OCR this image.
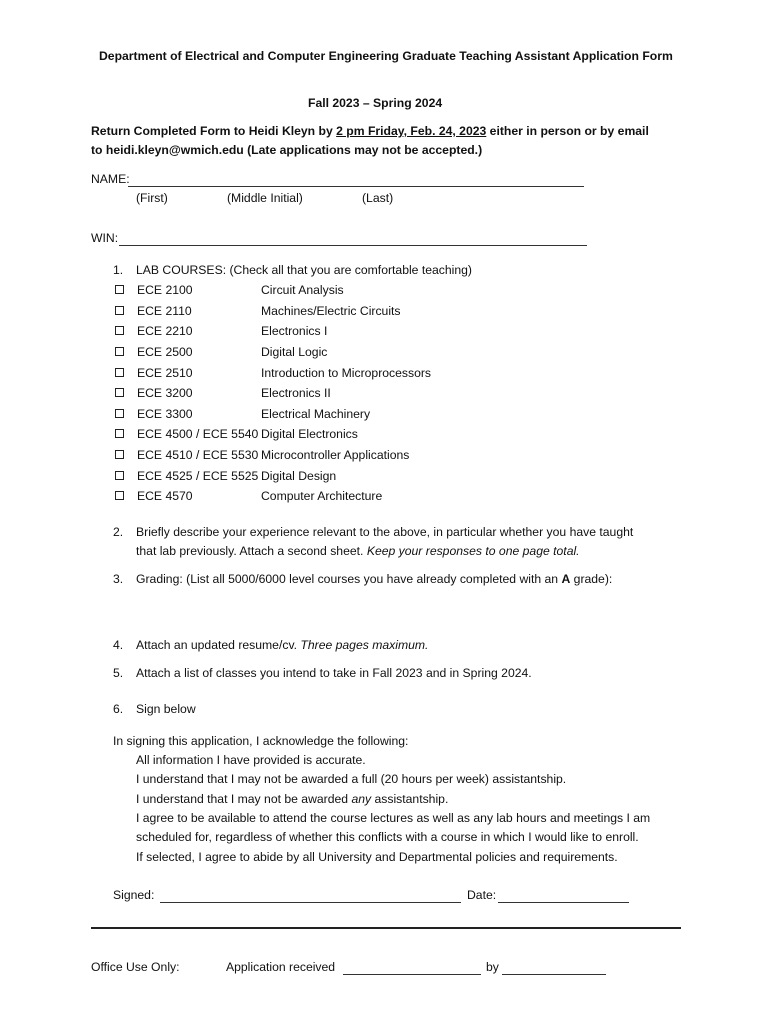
Department of Electrical and Computer Engineering Graduate Teaching Assistant Application Form
Fall 2023 – Spring 2024
Return Completed Form to Heidi Kleyn by 2 pm Friday, Feb. 24, 2023 either in person or by email
to heidi.kleyn@wmich.edu (Late applications may not be accepted.)
NAME:
(First)	(Middle Initial)	(Last)
WIN:
1. LAB COURSES: (Check all that you are comfortable teaching)
ECE 2100	Circuit Analysis
ECE 2110	Machines/Electric Circuits
ECE 2210	Electronics I
ECE 2500	Digital Logic
ECE 2510	Introduction to Microprocessors
ECE 3200	Electronics II
ECE 3300	Electrical Machinery
ECE 4500 / ECE 5540 Digital Electronics
ECE 4510 / ECE 5530 Microcontroller Applications
ECE 4525 / ECE 5525 Digital Design
ECE 4570	Computer Architecture
2. Briefly describe your experience relevant to the above, in particular whether you have taught
that lab previously. Attach a second sheet. Keep your responses to one page total.
3. Grading: (List all 5000/6000 level courses you have already completed with an A grade):
4. Attach an updated resume/cv. Three pages maximum.
5. Attach a list of classes you intend to take in Fall 2023 and in Spring 2024.
6. Sign below
In signing this application, I acknowledge the following:
All information I have provided is accurate.
I understand that I may not be awarded a full (20 hours per week) assistantship.
I understand that I may not be awarded any assistantship.
I agree to be available to attend the course lectures as well as any lab hours and meetings I am
scheduled for, regardless of whether this conflicts with a course in which I would like to enroll.
If selected, I agree to abide by all University and Departmental policies and requirements.
Signed:	Date:
Office Use Only:	Application received	by
